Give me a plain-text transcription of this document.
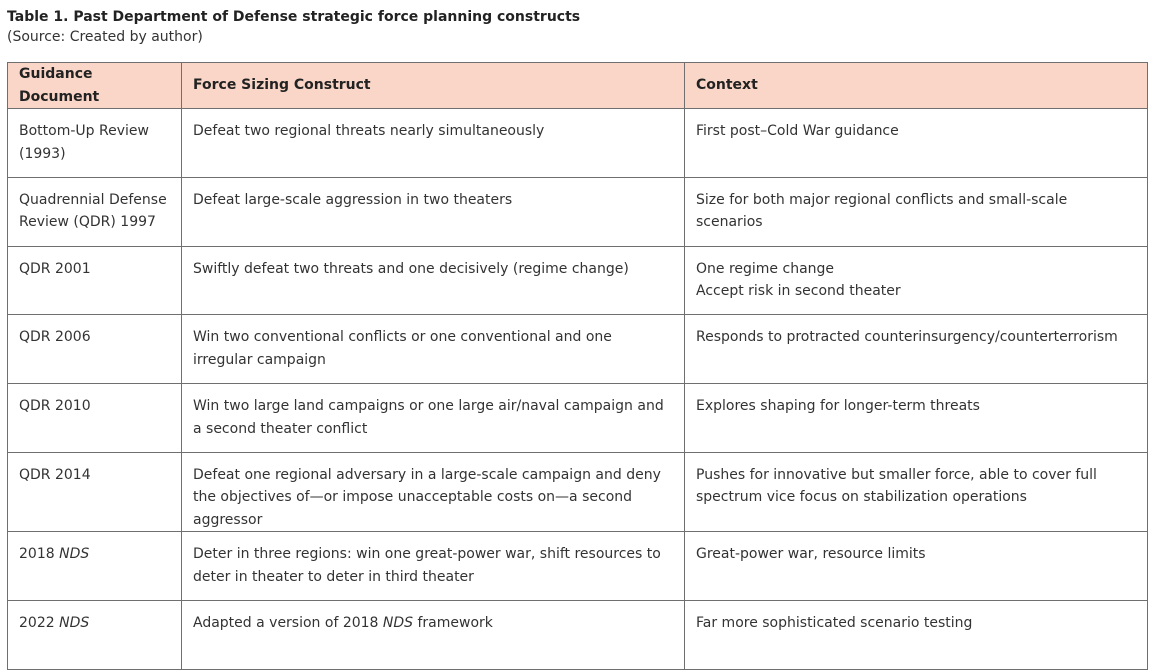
Table 1. Past Department of Defense strategic force planning constructs

(Source: Created by author)

Guidance Document	Force Sizing Construct	Context
Bottom-Up Review (1993)	Defeat two regional threats nearly simultaneously	First post–Cold War guidance
Quadrennial Defense Review (QDR) 1997	Defeat large-scale aggression in two theaters	Size for both major regional conflicts and small-scale scenarios
QDR 2001	Swiftly defeat two threats and one decisively (regime change)	One regime change
Accept risk in second theater

QDR 2006	Win two conventional conflicts or one conventional and one irregular campaign	Responds to protracted counterinsurgency/counterterrorism
QDR 2010	Win two large land campaigns or one large air/naval campaign and a second theater conflict	Explores shaping for longer-term threats
QDR 2014	Defeat one regional adversary in a large-scale campaign and deny the objectives of—or impose unacceptable costs on—a second aggressor	Pushes for innovative but smaller force, able to cover full spectrum vice focus on stabilization operations
2018 NDS	Deter in three regions: win one great-power war, shift resources to deter in theater to deter in third theater	Great-power war, resource limits
2022 NDS	Adapted a version of 2018 NDS framework	Far more sophisticated scenario testing
